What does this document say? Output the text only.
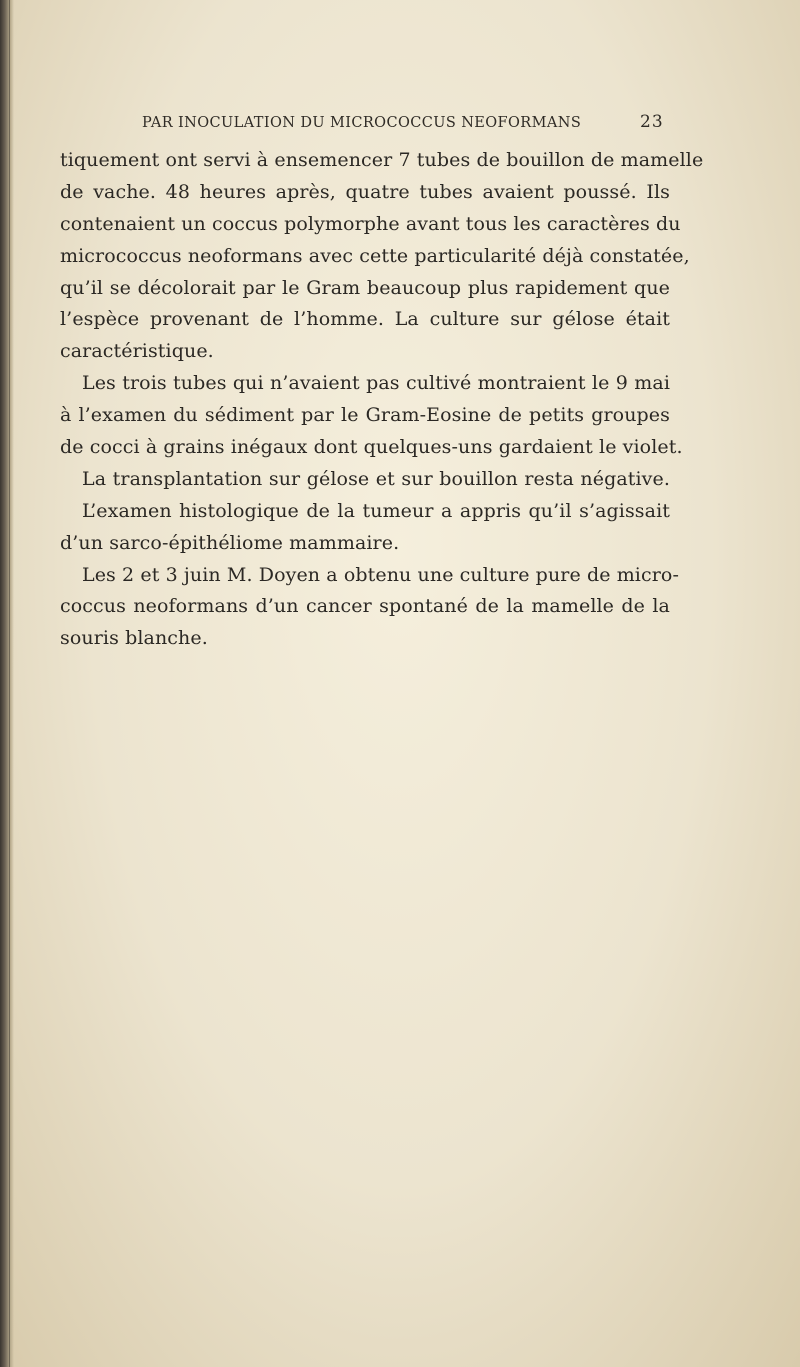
PAR INOCULATION DU MICROCOCCUS NEOFORMANS	23
tiquement ont servi à ensemencer 7 tubes de bouillon de mamelle
de vache. 48 heures après, quatre tubes avaient poussé. Ils
contenaient un coccus polymorphe avant tous les caractères du
micrococcus neoformans avec cette particularité déjà constatée,
qu’il se décolorait par le Gram beaucoup plus rapidement que
l’espèce provenant de l’homme. La culture sur gélose était
caractéristique.
Les trois tubes qui n’avaient pas cultivé montraient le 9 mai
à l’examen du sédiment par le Gram-Eosine de petits groupes
de cocci à grains inégaux dont quelques-uns gardaient le violet.
La transplantation sur gélose et sur bouillon resta négative.
L’examen histologique de la tumeur a appris qu’il s’agissait
d’un sarco-épithéliome mammaire.
Les 2 et 3 juin M. Doyen a obtenu une culture pure de micro-
coccus neoformans d’un cancer spontané de la mamelle de la
souris blanche.
